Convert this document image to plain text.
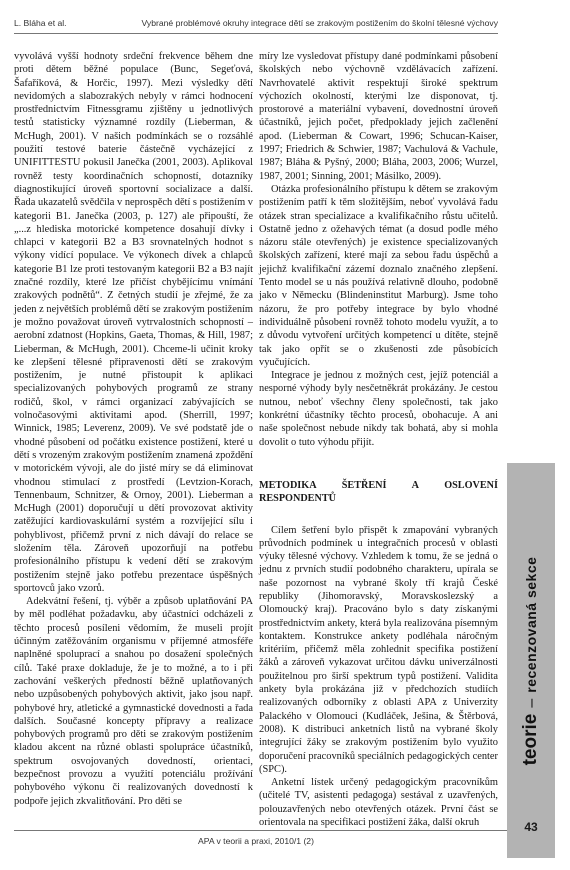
L. Bláha et al.	Vybrané problémové okruhy integrace dětí se zrakovým postižením do školní tělesné výchovy

vyvolává vyšší hodnoty srdeční frekvence během dne proti dětem běžné populace (Bunc, Segeťová, Šafaříková, & Horčic, 1997). Mezi výsledky dětí nevidomých a slabozrakých nebyly v rámci hodnocení prostřednictvím Fitnessgramu zjištěny u jednotlivých testů statisticky významné rozdíly (Lieberman, & McHugh, 2001). V našich podmínkách se o rozsáhlé použití testové baterie částečně vycházející z UNIFITTESTU pokusil Janečka (2001, 2003). Aplikoval rovněž testy koordinačních schopností, dotazníky diagnostikující úroveň sportovní socializace a další. Řada ukazatelů svědčila v neprospěch dětí s postižením v kategorii B1. Janečka (2003, p. 127) ale připouští, že „...z hlediska motorické kompetence dosahují dívky i chlapci v kategorii B2 a B3 srovnatelných hodnot s výkony vidící populace. Ve výkonech dívek a chlapců kategorie B1 lze proti testovaným kategorii B2 a B3 najít značné rozdíly, které lze přičíst chybějícímu vnímání zrakových podnětů“. Z četných studií je zřejmé, že za jeden z největších problémů dětí se zrakovým postižením je možno považovat úroveň vytrvalostních schopností – aerobní zdatnost (Hopkins, Gaeta, Thomas, & Hill, 1987; Lieberman, & McHugh, 2001). Chceme-li učinit kroky ke zlepšení tělesné připravenosti dětí se zrakovým postižením, je nutné přistoupit k aplikaci specializovaných pohybových programů ze strany rodičů, škol, v rámci organizací zabývajících se volnočasovými aktivitami apod. (Sherrill, 1997; Winnick, 1985; Leverenz, 2009). Ve své podstatě jde o vhodné působení od počátku existence postižení, které u dětí s vrozeným zrakovým postižením znamená zpoždění v motorickém vývoji, ale do jisté míry se dá eliminovat vhodnou stimulací z prostředí (Levtzion-Korach, Tennenbaum, Schnitzer, & Ornoy, 2001). Lieberman a McHugh (2001) doporučují u dětí provozovat aktivity zatěžující kardiovaskulární systém a rozvíjející sílu i pohyblivost, přičemž první z nich dávají do relace se složením těla. Zároveň upozorňují na potřebu profesionálního přístupu k vedení dětí se zrakovým postižením stejně jako potřebu prezentace úspěšných sportovců jako vzorů.

Adekvátní řešení, tj. výběr a způsob uplatňování PA by měl podléhat požadavku, aby účastníci odcházeli z těchto procesů posíleni vědomím, že museli projít účinným zatěžováním organismu v příjemné atmosféře naplněné spoluprací a snahou po dosažení společných cílů. Také praxe dokladuje, že je to možné, a to i při zachování veškerých předností běžně uplatňovaných nebo uzpůsobených pohybových aktivit, jako jsou např. pohybové hry, atletické a gymnastické dovednosti a řada dalších. Současné koncepty přípravy a realizace pohybových programů pro děti se zrakovým postižením kladou akcent na různé oblasti spolupráce účastníků, spektrum osvojovaných dovedností, orientaci, bezpečnost provozu a využití potenciálu prožívání pohybového výkonu či realizovaných dovedností k podpoře jejich zkvalitňování. Pro děti se

míry lze vysledovat přístupy dané podmínkami působení školských nebo výchovně vzdělávacích zařízení. Navrhovatelé aktivit respektují široké spektrum výchozích okolností, kterými lze disponovat, tj. prostorové a materiální vybavení, dovednostní úroveň účastníků, jejich počet, předpoklady jejich začlenění apod. (Lieberman & Cowart, 1996; Schucan-Kaiser, 1997; Friedrich & Schwier, 1987; Vachulová & Vachule, 1987; Bláha & Pyšný, 2000; Bláha, 2003, 2006; Wurzel, 1987, 2001; Sinning, 2001; Másilko, 2009).

Otázka profesionálního přístupu k dětem se zrakovým postižením patří k těm složitějším, neboť vyvolává řadu otázek stran specializace a kvalifikačního růstu učitelů. Ostatně jedno z ožehavých témat (a dosud podle mého názoru stále otevřených) je existence specializovaných školských zařízení, které mají za sebou řadu úspěchů a jejichž kvalifikační zázemí doznalo značného zlepšení. Tento model se u nás používá relativně dlouho, podobně jako v Německu (Blindeninstitut Marburg). Jsme toho názoru, že pro potřeby integrace by bylo vhodné individuálně působení rovněž tohoto modelu využít, a to z důvodu vytvoření určitých kompetencí u dítěte, stejně tak jako opřít se o zkušenosti zde působících vyučujících.

Integrace je jednou z možných cest, jejíž potenciál a nesporné výhody byly nesčetněkrát prokázány. Je cestou nutnou, neboť všechny členy společnosti, tak jako konkrétní účastníky těchto procesů, obohacuje. A ani naše společnost nebude nikdy tak bohatá, aby si mohla dovolit o tuto výhodu přijít.

METODIKA ŠETŘENÍ A OSLOVENÍ RESPONDENTŮ

Cílem šetření bylo přispět k zmapování vybraných průvodních podmínek u integračních procesů v oblasti výuky tělesné výchovy. Vzhledem k tomu, že se jedná o jednu z prvních studií podobného charakteru, upírala se naše pozornost na vybrané školy tří krajů České republiky (Jihomoravský, Moravskoslezský a Olomoucký kraj). Pracováno bylo s daty získanými prostřednictvím ankety, která byla realizována písemným kontaktem. Konstrukce ankety podléhala náročným kritériím, přičemž měla zohlednit specifika postižení žáků a zároveň vykazovat určitou dávku univerzálnosti použitelnou pro širší spektrum typů postižení. Validita ankety byla prokázána již v předchozích studiích realizovaných odborníky z oblasti APA z Univerzity Palackého v Olomouci (Kudláček, Ješina, & Štěrbová, 2008). K distribuci anketních listů na vybrané školy integrující žáky se zrakovým postižením bylo využito doporučení pracovníků speciálních pedagogických center (SPC).

Anketní lístek určený pedagogickým pracovníkům (učitelé TV, asistenti pedagoga) sestával z uzavřených, polouzavřených nebo otevřených otázek. První část se orientovala na specifikaci postižení žáka, další okruh

teorie–recenzovaná sekce
43
APA v teorii a praxi, 2010/1 (2)
